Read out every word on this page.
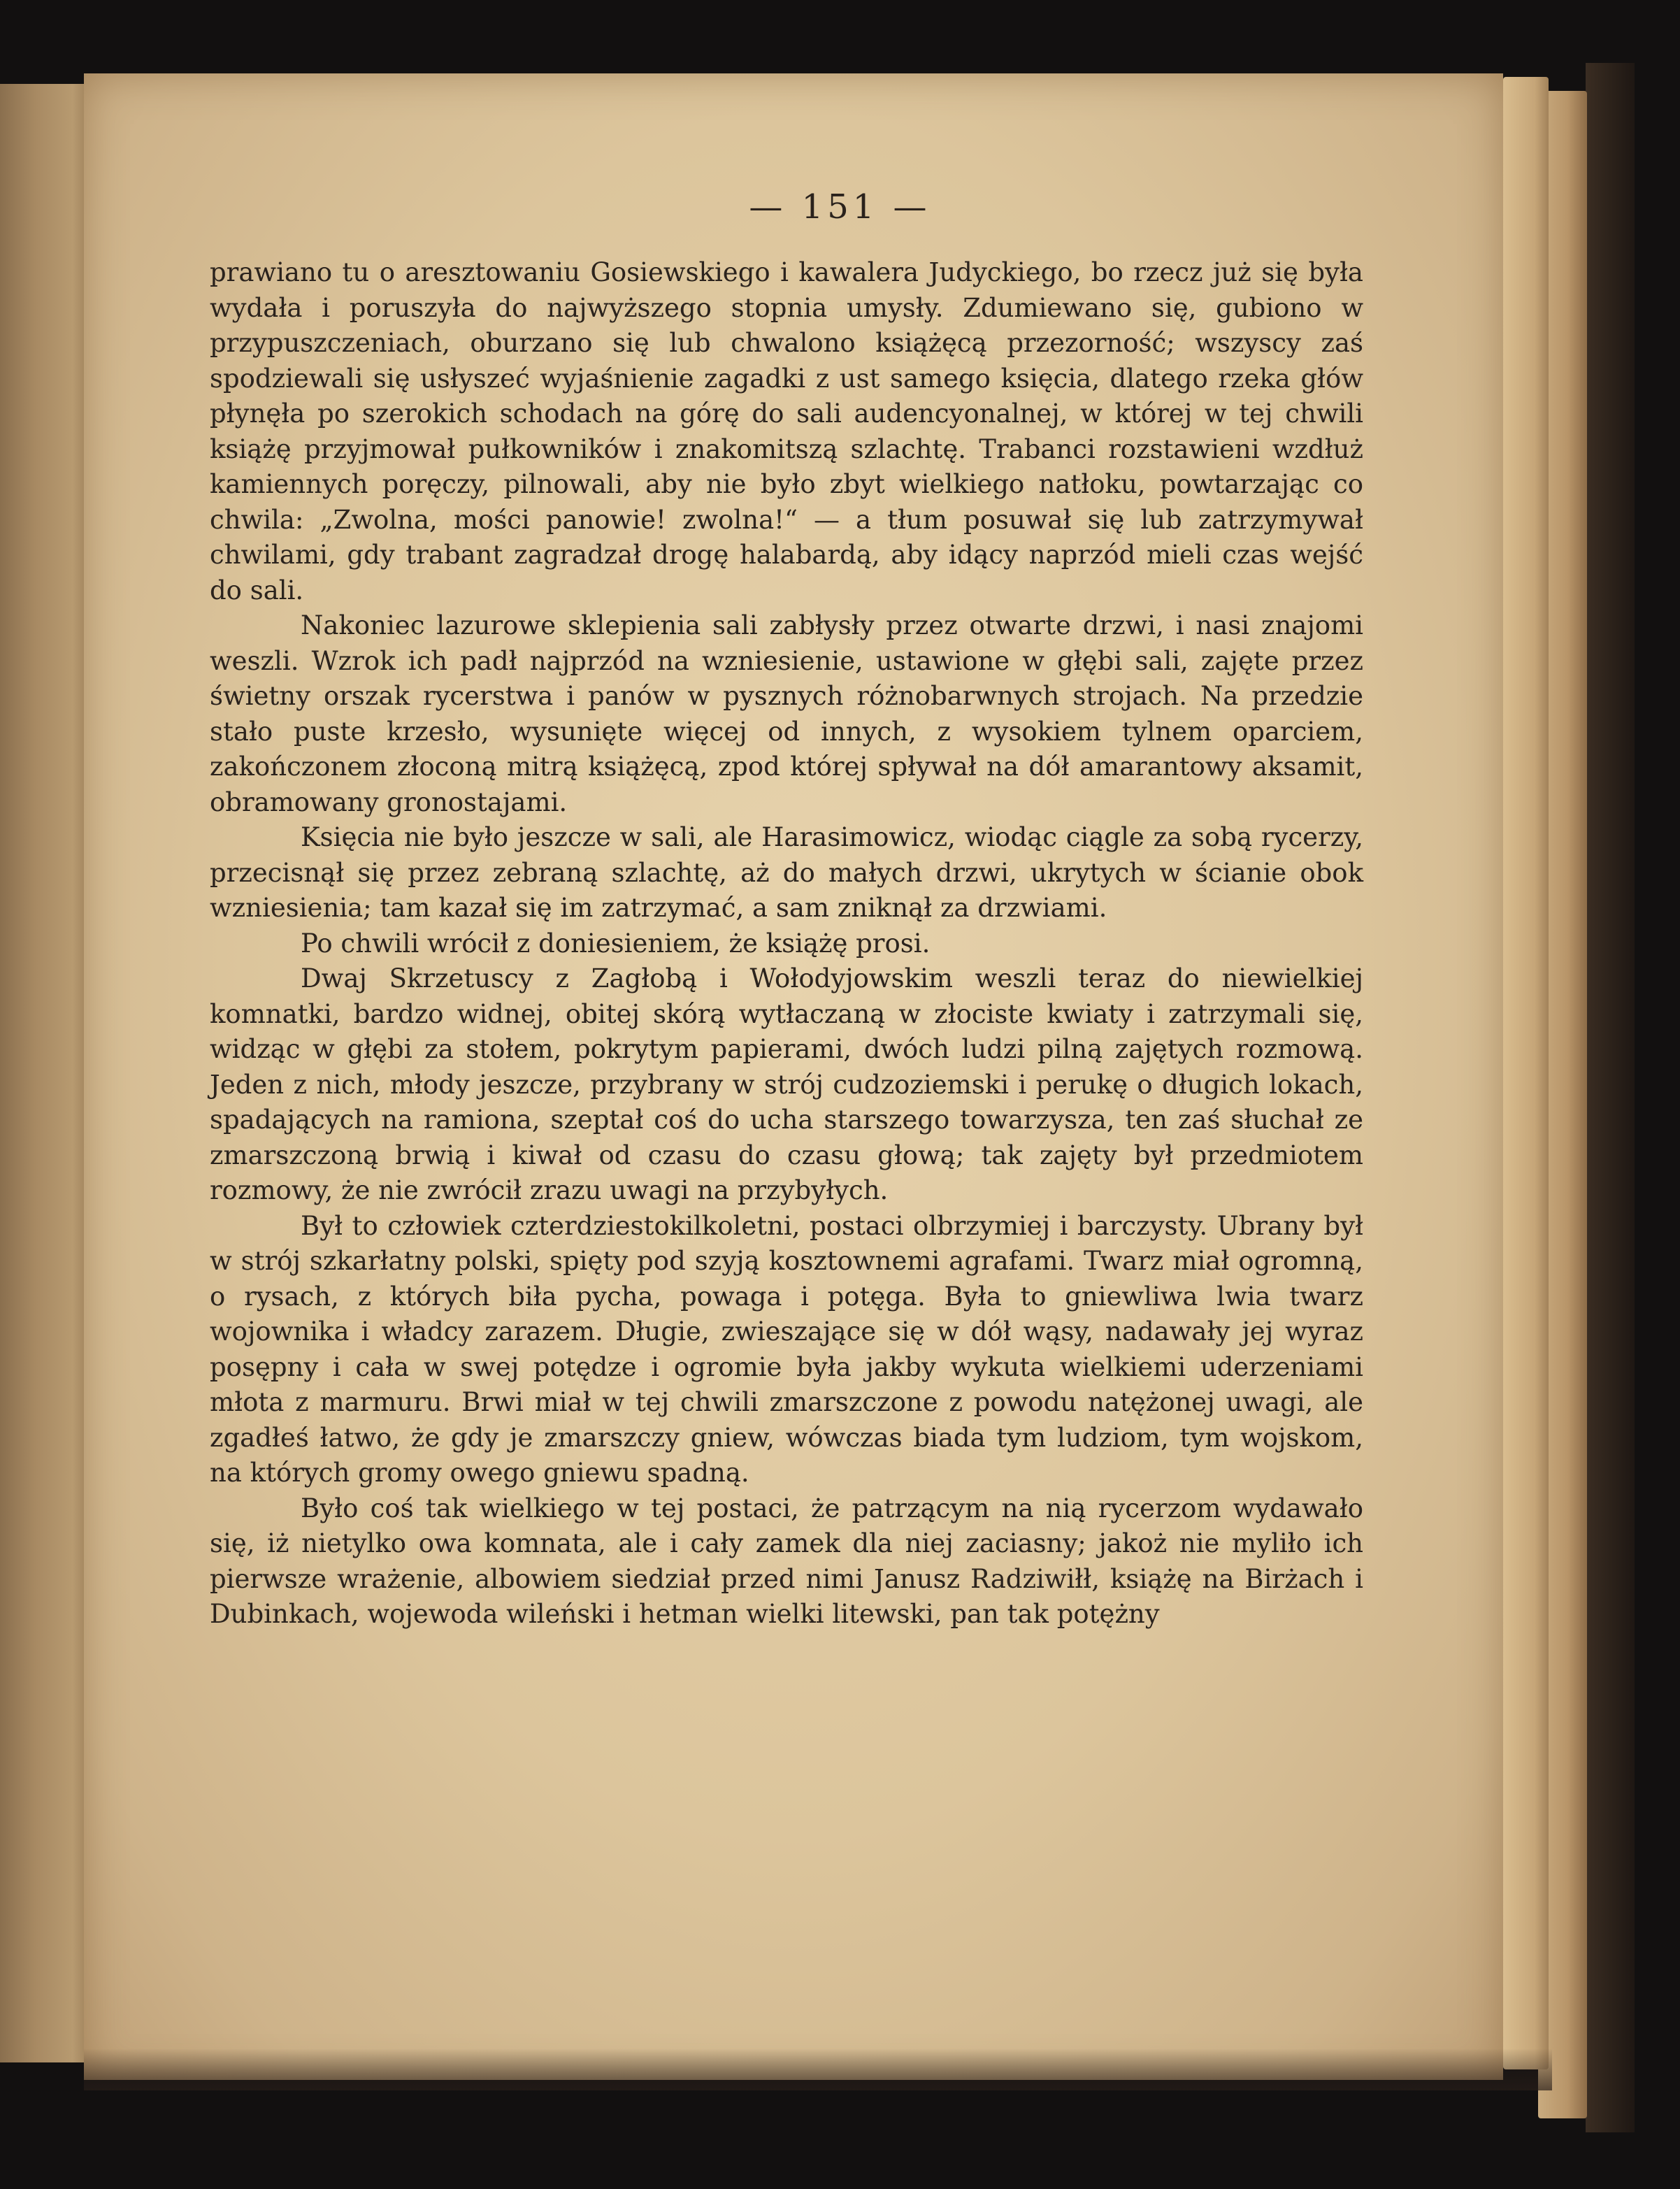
— 151 —

prawiano tu o aresztowaniu Gosiewskiego i kawalera Judyckiego, bo rzecz już się była wydała i poruszyła do najwyższego stopnia umysły. Zdumiewano się, gubiono w przypuszczeniach, oburzano się lub chwalono książęcą przezorność; wszyscy zaś spodziewali się usłyszeć wyjaśnienie zagadki z ust samego księcia, dlatego rzeka głów płynęła po szerokich schodach na górę do sali audencyonalnej, w której w tej chwili książę przyjmował pułkowników i znakomitszą szlachtę. Trabanci rozstawieni wzdłuż kamiennych poręczy, pilnowali, aby nie było zbyt wielkiego natłoku, powtarzając co chwila: „Zwolna, mości panowie! zwolna!“ — a tłum posuwał się lub zatrzymywał chwilami, gdy trabant zagradzał drogę halabardą, aby idący naprzód mieli czas wejść do sali.

Nakoniec lazurowe sklepienia sali zabłysły przez otwarte drzwi, i nasi znajomi weszli. Wzrok ich padł najprzód na wzniesienie, ustawione w głębi sali, zajęte przez świetny orszak rycerstwa i panów w pysznych różnobarwnych strojach. Na przedzie stało puste krzesło, wysunięte więcej od innych, z wysokiem tylnem oparciem, zakończonem złoconą mitrą książęcą, zpod której spływał na dół amarantowy aksamit, obramowany gronostajami.

Księcia nie było jeszcze w sali, ale Harasimowicz, wiodąc ciągle za sobą rycerzy, przecisnął się przez zebraną szlachtę, aż do małych drzwi, ukrytych w ścianie obok wzniesienia; tam kazał się im zatrzymać, a sam zniknął za drzwiami.

Po chwili wrócił z doniesieniem, że książę prosi.

Dwaj Skrzetuscy z Zagłobą i Wołodyjowskim weszli teraz do niewielkiej komnatki, bardzo widnej, obitej skórą wytłaczaną w złociste kwiaty i zatrzymali się, widząc w głębi za stołem, pokrytym papierami, dwóch ludzi pilną zajętych rozmową. Jeden z nich, młody jeszcze, przybrany w strój cudzoziemski i perukę o długich lokach, spadających na ramiona, szeptał coś do ucha starszego towarzysza, ten zaś słuchał ze zmarszczoną brwią i kiwał od czasu do czasu głową; tak zajęty był przedmiotem rozmowy, że nie zwrócił zrazu uwagi na przybyłych.

Był to człowiek czterdziestokilkoletni, postaci olbrzymiej i barczysty. Ubrany był w strój szkarłatny polski, spięty pod szyją kosztownemi agrafami. Twarz miał ogromną, o rysach, z których biła pycha, powaga i potęga. Była to gniewliwa lwia twarz wojownika i władcy zarazem. Długie, zwieszające się w dół wąsy, nadawały jej wyraz posępny i cała w swej potędze i ogromie była jakby wykuta wielkiemi uderzeniami młota z marmuru. Brwi miał w tej chwili zmarszczone z powodu natężonej uwagi, ale zgadłeś łatwo, że gdy je zmarszczy gniew, wówczas biada tym ludziom, tym wojskom, na których gromy owego gniewu spadną.

Było coś tak wielkiego w tej postaci, że patrzącym na nią rycerzom wydawało się, iż nietylko owa komnata, ale i cały zamek dla niej zaciasny; jakoż nie myliło ich pierwsze wrażenie, albowiem siedział przed nimi Janusz Radziwiłł, książę na Birżach i Dubinkach, wojewoda wileński i hetman wielki litewski, pan tak potężny
